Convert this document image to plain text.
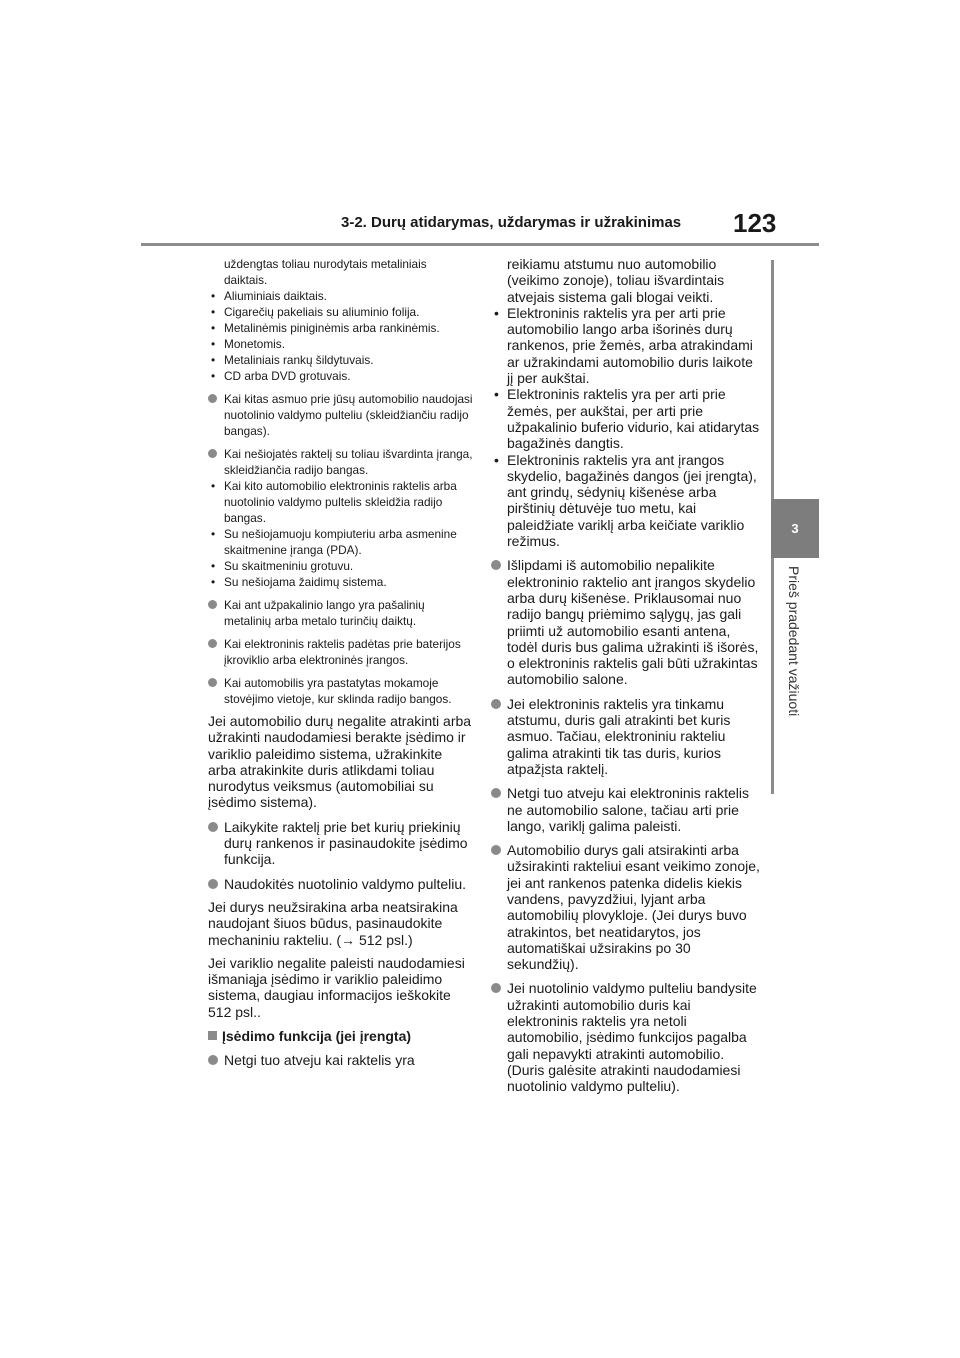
3-2. Durų atidarymas, uždarymas ir užrakinimas 123
3
Prieš pradedant važiuoti

uždengtas toliau nurodytais metaliniais daiktais.

• Aliuminiais daiktais.
• Cigarečių pakeliais su aliuminio folija.
• Metalinėmis piniginėmis arba rankinėmis.
• Monetomis.
• Metaliniais rankų šildytuvais.
• CD arba DVD grotuvais.
Kai kitas asmuo prie jūsų automobilio naudojasi nuotolinio valdymo pulteliu (skleidžiančiu radijo bangas).
Kai nešiojatės raktelį su toliau išvardinta įranga, skleidžiančia radijo bangas.
• Kai kito automobilio elektroninis raktelis arba nuotolinio valdymo pultelis skleidžia radijo bangas.
• Su nešiojamuoju kompiuteriu arba asmenine skaitmenine įranga (PDA).
• Su skaitmeniniu grotuvu.
• Su nešiojama žaidimų sistema.
Kai ant užpakalinio lango yra pašalinių metalinių arba metalo turinčių daiktų.
Kai elektroninis raktelis padėtas prie baterijos įkroviklio arba elektroninės įrangos.
Kai automobilis yra pastatytas mokamoje stovėjimo vietoje, kur sklinda radijo bangos.

Jei automobilio durų negalite atrakinti arba užrakinti naudodamiesi berakte įsėdimo ir variklio paleidimo sistema, užrakinkite arba atrakinkite duris atlikdami toliau nurodytus veiksmus (automobiliai su įsėdimo sistema).

Laikykite raktelį prie bet kurių priekinių durų rankenos ir pasinaudokite įsėdimo funkcija.
Naudokitės nuotolinio valdymo pulteliu.

Jei durys neužsirakina arba neatsirakina naudojant šiuos būdus, pasinaudokite mechaniniu rakteliu. (→ 512 psl.)

Jei variklio negalite paleisti naudodamiesi išmaniąja įsėdimo ir variklio paleidimo sistema, daugiau informacijos ieškokite 512 psl..

Įsėdimo funkcija (jei įrengta)
Netgi tuo atveju kai raktelis yra

reikiamu atstumu nuo automobilio (veikimo zonoje), toliau išvardintais atvejais sistema gali blogai veikti.

• Elektroninis raktelis yra per arti prie automobilio lango arba išorinės durų rankenos, prie žemės, arba atrakindami ar užrakindami automobilio duris laikote jį per aukštai.
• Elektroninis raktelis yra per arti prie žemės, per aukštai, per arti prie užpakalinio buferio vidurio, kai atidarytas bagažinės dangtis.
• Elektroninis raktelis yra ant įrangos skydelio, bagažinės dangos (jei įrengta), ant grindų, sėdynių kišenėse arba pirštinių dėtuvėje tuo metu, kai paleidžiate variklį arba keičiate variklio režimus.
Išlipdami iš automobilio nepalikite elektroninio raktelio ant įrangos skydelio arba durų kišenėse. Priklausomai nuo radijo bangų priėmimo sąlygų, jas gali priimti už automobilio esanti antena, todėl duris bus galima užrakinti iš išorės, o elektroninis raktelis gali būti užrakintas automobilio salone.
Jei elektroninis raktelis yra tinkamu atstumu, duris gali atrakinti bet kuris asmuo. Tačiau, elektroniniu rakteliu galima atrakinti tik tas duris, kurios atpažįsta raktelį.
Netgi tuo atveju kai elektroninis raktelis ne automobilio salone, tačiau arti prie lango, variklį galima paleisti.
Automobilio durys gali atsirakinti arba užsirakinti rakteliui esant veikimo zonoje, jei ant rankenos patenka didelis kiekis vandens, pavyzdžiui, lyjant arba automobilių plovykloje. (Jei durys buvo atrakintos, bet neatidarytos, jos automatiškai užsirakins po 30 sekundžių).
Jei nuotolinio valdymo pulteliu bandysite užrakinti automobilio duris kai elektroninis raktelis yra netoli automobilio, įsėdimo funkcijos pagalba gali nepavykti atrakinti automobilio. (Duris galėsite atrakinti naudodamiesi nuotolinio valdymo pulteliu).
